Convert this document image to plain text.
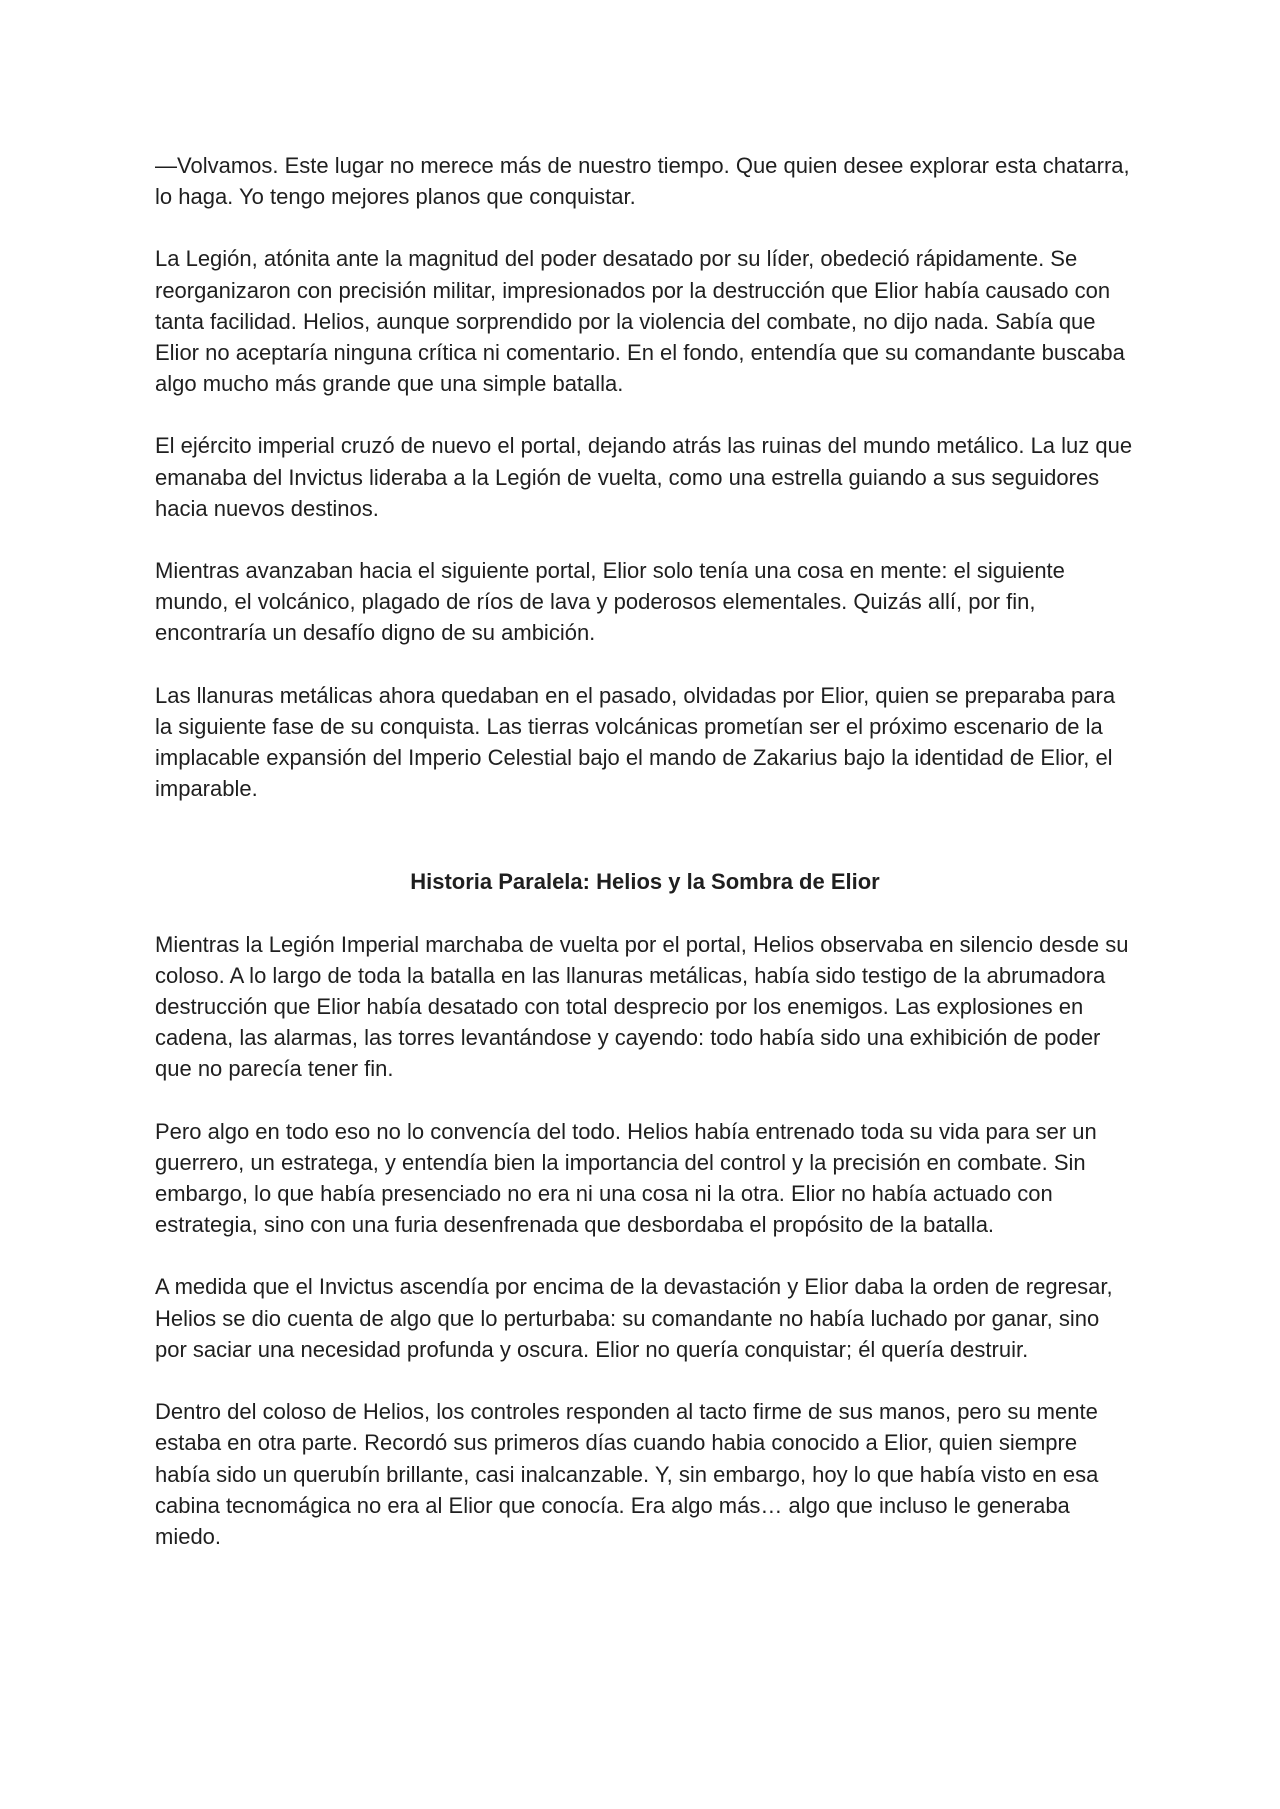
—Volvamos. Este lugar no merece más de nuestro tiempo. Que quien desee explorar esta chatarra, lo haga. Yo tengo mejores planos que conquistar.

La Legión, atónita ante la magnitud del poder desatado por su líder, obedeció rápidamente. Se reorganizaron con precisión militar, impresionados por la destrucción que Elior había causado con tanta facilidad. Helios, aunque sorprendido por la violencia del combate, no dijo nada. Sabía que Elior no aceptaría ninguna crítica ni comentario. En el fondo, entendía que su comandante buscaba algo mucho más grande que una simple batalla.

El ejército imperial cruzó de nuevo el portal, dejando atrás las ruinas del mundo metálico. La luz que emanaba del Invictus lideraba a la Legión de vuelta, como una estrella guiando a sus seguidores hacia nuevos destinos.

Mientras avanzaban hacia el siguiente portal, Elior solo tenía una cosa en mente: el siguiente mundo, el volcánico, plagado de ríos de lava y poderosos elementales. Quizás allí, por fin, encontraría un desafío digno de su ambición.

Las llanuras metálicas ahora quedaban en el pasado, olvidadas por Elior, quien se preparaba para la siguiente fase de su conquista. Las tierras volcánicas prometían ser el próximo escenario de la implacable expansión del Imperio Celestial bajo el mando de Zakarius bajo la identidad de Elior, el imparable.

Historia Paralela: Helios y la Sombra de Elior

Mientras la Legión Imperial marchaba de vuelta por el portal, Helios observaba en silencio desde su coloso. A lo largo de toda la batalla en las llanuras metálicas, había sido testigo de la abrumadora destrucción que Elior había desatado con total desprecio por los enemigos. Las explosiones en cadena, las alarmas, las torres levantándose y cayendo: todo había sido una exhibición de poder que no parecía tener fin.

Pero algo en todo eso no lo convencía del todo. Helios había entrenado toda su vida para ser un guerrero, un estratega, y entendía bien la importancia del control y la precisión en combate. Sin embargo, lo que había presenciado no era ni una cosa ni la otra. Elior no había actuado con estrategia, sino con una furia desenfrenada que desbordaba el propósito de la batalla.

A medida que el Invictus ascendía por encima de la devastación y Elior daba la orden de regresar, Helios se dio cuenta de algo que lo perturbaba: su comandante no había luchado por ganar, sino por saciar una necesidad profunda y oscura. Elior no quería conquistar; él quería destruir.

Dentro del coloso de Helios, los controles responden al tacto firme de sus manos, pero su mente estaba en otra parte. Recordó sus primeros días cuando habia conocido a Elior, quien siempre había sido un querubín brillante, casi inalcanzable. Y, sin embargo, hoy lo que había visto en esa cabina tecnomágica no era al Elior que conocía. Era algo más… algo que incluso le generaba miedo.
